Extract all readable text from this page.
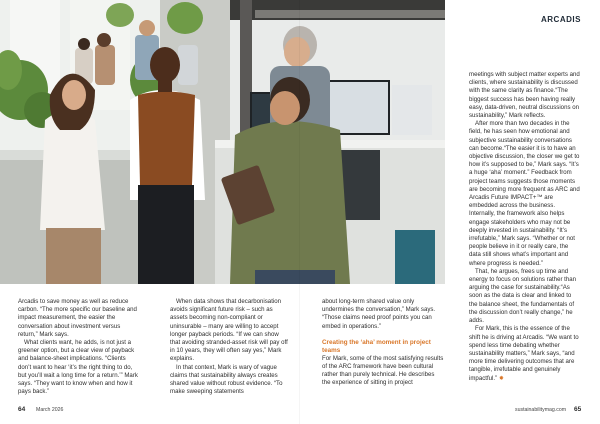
ARCADIS

Arcadis to save money as well as reduce carbon. “The more specific our baseline and impact measurement, the easier the conversation about investment versus return,” Mark says.

What clients want, he adds, is not just a greener option, but a clear view of payback and balance-sheet implications. “Clients don’t want to hear ‘it’s the right thing to do, but you’ll wait a long time for a return.’” Mark says. “They want to know when and how it pays back.”

When data shows that decarbonisation avoids significant future risk – such as assets becoming non-compliant or uninsurable – many are willing to accept longer payback periods. “If we can show that avoiding stranded-asset risk will pay off in 10 years, they will often say yes,” Mark explains.

In that context, Mark is wary of vague claims that sustainability always creates shared value without robust evidence. “To make sweeping statements

about long-term shared value only undermines the conversation,” Mark says. “Those claims need proof points you can embed in operations.”

Creating the ‘aha’ moment in project teams

For Mark, some of the most satisfying results of the ARC framework have been cultural rather than purely technical. He describes the experience of sitting in project

meetings with subject matter experts and clients, where sustainability is discussed with the same clarity as finance.“The biggest success has been having really easy, data-driven, neutral discussions on sustainability,” Mark reflects.

After more than two decades in the field, he has seen how emotional and subjective sustainability conversations can become.“The easier it is to have an objective discussion, the closer we get to how it’s supposed to be,” Mark says. “It’s a huge ‘aha’ moment.” Feedback from project teams suggests those moments are becoming more frequent as ARC and Arcadis Future IMPACT+™ are embedded across the business. Internally, the framework also helps engage stakeholders who may not be deeply invested in sustainability. “It’s irrefutable,” Mark says. “Whether or not people believe in it or really care, the data still shows what’s important and where progress is needed.”

That, he argues, frees up time and energy to focus on solutions rather than arguing the case for sustainability.“As soon as the data is clear and linked to the balance sheet, the fundamentals of the discussion don’t really change,” he adds.

For Mark, this is the essence of the shift he is driving at Arcadis. “We want to spend less time debating whether sustainability matters,” Mark says, “and more time delivering outcomes that are tangible, irrefutable and genuinely impactful.” ✸

64 March 2026	sustainabilitymag.com 65
